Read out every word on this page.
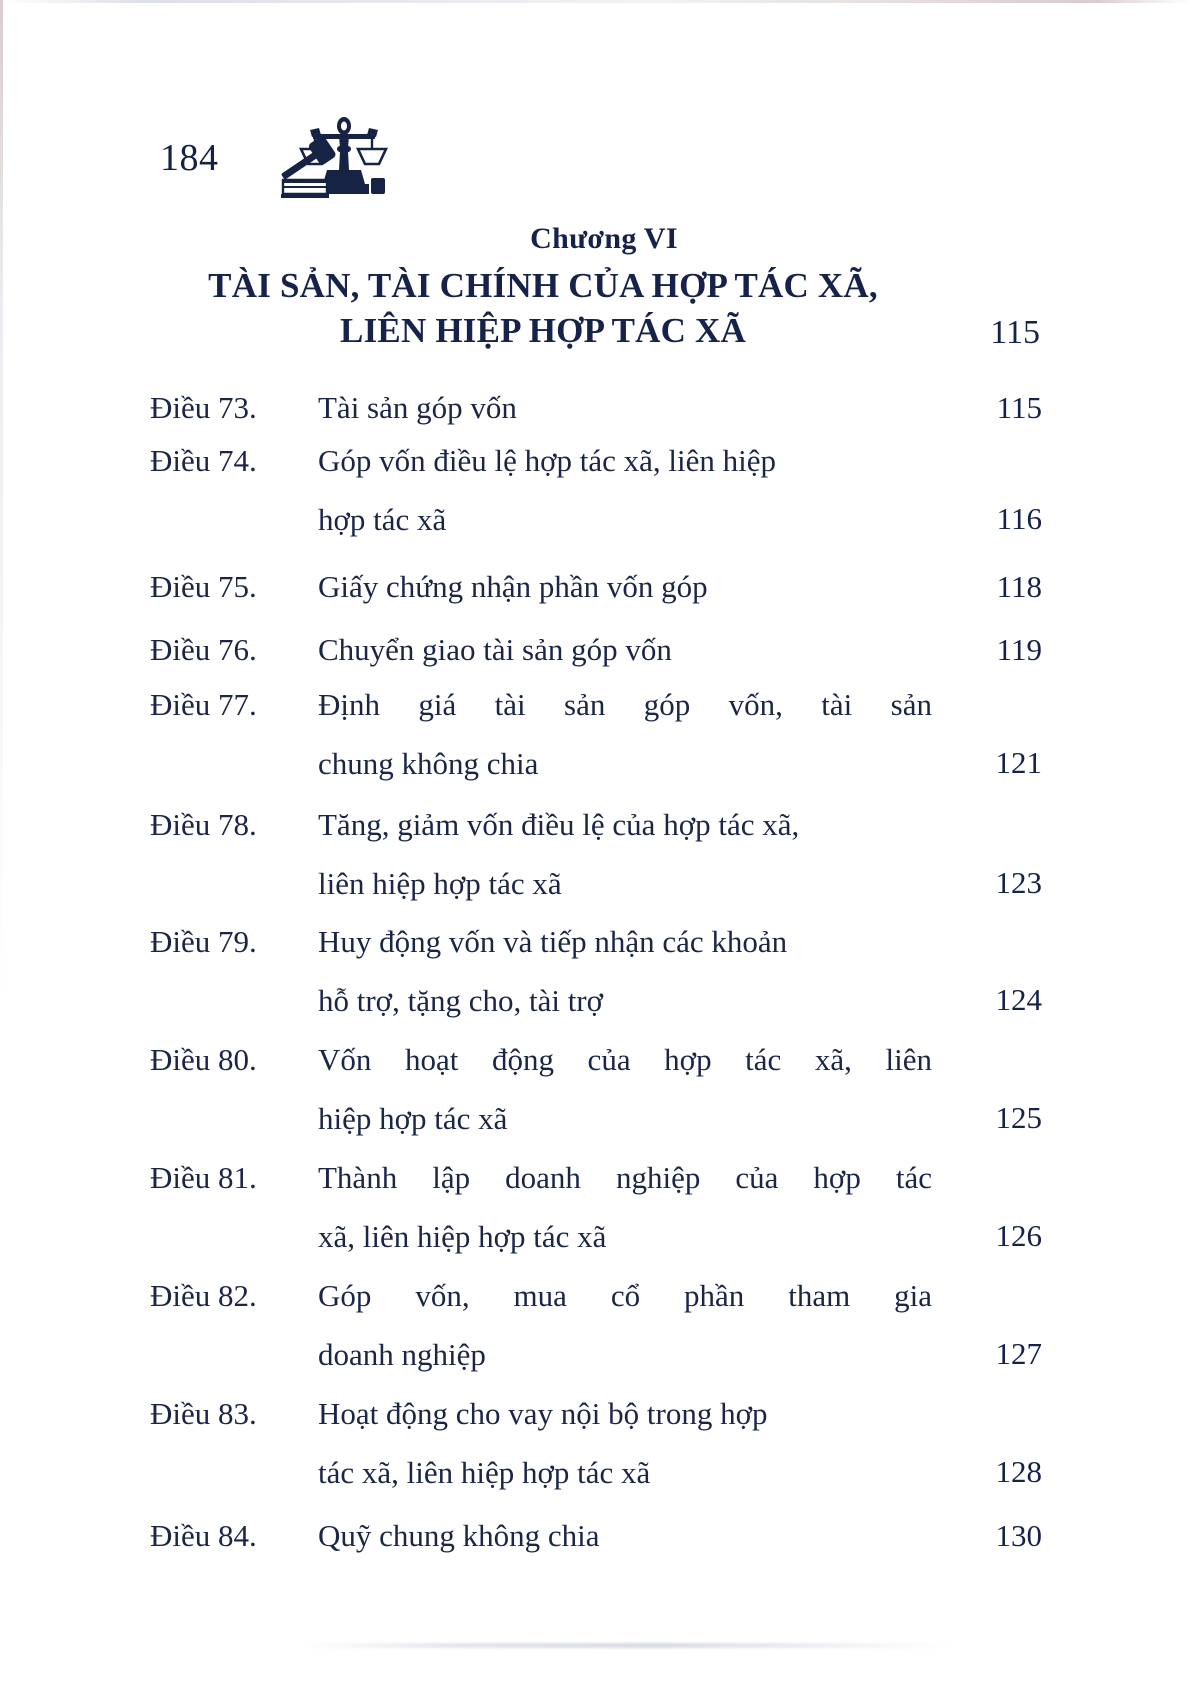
184
Chương VI
TÀI SẢN, TÀI CHÍNH CỦA HỢP TÁC XÃ,
LIÊN HIỆP HỢP TÁC XÃ	115
Điều 73.	Tài sản góp vốn	115
Điều 74.	Góp vốn điều lệ hợp tác xã, liên hiệp
hợp tác xã	116
Điều 75.	Giấy chứng nhận phần vốn góp	118
Điều 76.	Chuyển giao tài sản góp vốn	119
Điều 77.	Định giá tài sản góp vốn, tài sản
chung không chia	121
Điều 78.	Tăng, giảm vốn điều lệ của hợp tác xã,
liên hiệp hợp tác xã	123
Điều 79.	Huy động vốn và tiếp nhận các khoản
hỗ trợ, tặng cho, tài trợ	124
Điều 80.	Vốn hoạt động của hợp tác xã, liên
hiệp hợp tác xã	125
Điều 81.	Thành lập doanh nghiệp của hợp tác
xã, liên hiệp hợp tác xã	126
Điều 82.	Góp vốn, mua cổ phần tham gia
doanh nghiệp	127
Điều 83.	Hoạt động cho vay nội bộ trong hợp
tác xã, liên hiệp hợp tác xã	128
Điều 84.	Quỹ chung không chia	130
